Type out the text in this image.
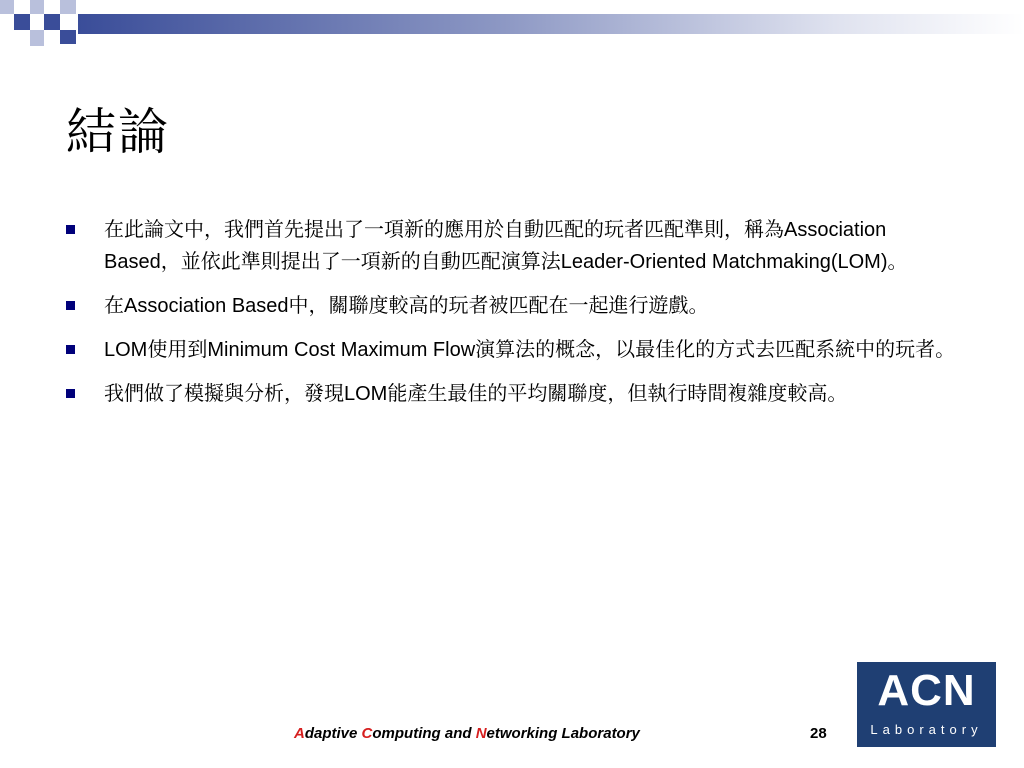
結論
在此論文中，我們首先提出了一項新的應用於自動匹配的玩者匹配準則，稱為Association Based，並依此準則提出了一項新的自動匹配演算法Leader-Oriented Matchmaking(LOM)。
在Association Based中，關聯度較高的玩者被匹配在一起進行遊戲。
LOM使用到Minimum Cost Maximum Flow演算法的概念，以最佳化的方式去匹配系統中的玩者。
我們做了模擬與分析，發現LOM能產生最佳的平均關聯度，但執行時間複雜度較高。
Adaptive Computing and Networking Laboratory	28
ACN
Laboratory
